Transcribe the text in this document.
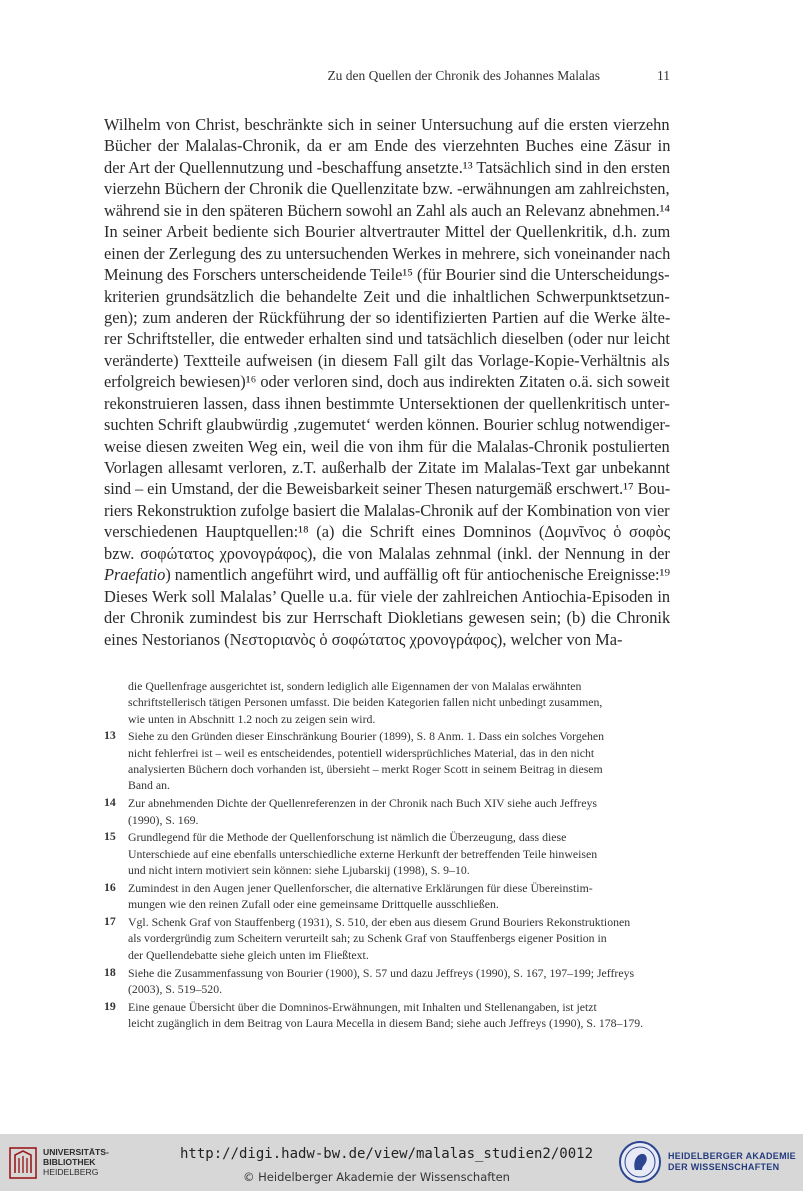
Zu den Quellen der Chronik des Johannes Malalas	11
Wilhelm von Christ, beschränkte sich in seiner Untersuchung auf die ersten vierzehn
Bücher der Malalas-Chronik, da er am Ende des vierzehnten Buches eine Zäsur in
der Art der Quellennutzung und -beschaffung ansetzte.¹³ Tatsächlich sind in den ersten
vierzehn Büchern der Chronik die Quellenzitate bzw. -erwähnungen am zahlreichsten,
während sie in den späteren Büchern sowohl an Zahl als auch an Relevanz abnehmen.¹⁴
In seiner Arbeit bediente sich Bourier altvertrauter Mittel der Quellenkritik, d.h. zum
einen der Zerlegung des zu untersuchenden Werkes in mehrere, sich voneinander nach
Meinung des Forschers unterscheidende Teile¹⁵ (für Bourier sind die Unterscheidungs-
kriterien grundsätzlich die behandelte Zeit und die inhaltlichen Schwerpunktsetzun-
gen); zum anderen der Rückführung der so identifizierten Partien auf die Werke älte-
rer Schriftsteller, die entweder erhalten sind und tatsächlich dieselben (oder nur leicht
veränderte) Textteile aufweisen (in diesem Fall gilt das Vorlage-Kopie-Verhältnis als
erfolgreich bewiesen)¹⁶ oder verloren sind, doch aus indirekten Zitaten o.ä. sich soweit
rekonstruieren lassen, dass ihnen bestimmte Untersektionen der quellenkritisch unter-
suchten Schrift glaubwürdig ‚zugemutet‘ werden können. Bourier schlug notwendiger-
weise diesen zweiten Weg ein, weil die von ihm für die Malalas-Chronik postulierten
Vorlagen allesamt verloren, z.T. außerhalb der Zitate im Malalas-Text gar unbekannt
sind – ein Umstand, der die Beweisbarkeit seiner Thesen naturgemäß erschwert.¹⁷ Bou-
riers Rekonstruktion zufolge basiert die Malalas-Chronik auf der Kombination von vier
verschiedenen Hauptquellen:¹⁸ (a) die Schrift eines Domninos (Δομνῖνος ὁ σοφὸς
bzw. σοφώτατος χρονογράφος), die von Malalas zehnmal (inkl. der Nennung in der
Praefatio) namentlich angeführt wird, und auffällig oft für antiochenische Ereignisse:¹⁹
Dieses Werk soll Malalas’ Quelle u.a. für viele der zahlreichen Antiochia-Episoden in
der Chronik zumindest bis zur Herrschaft Diokletians gewesen sein; (b) die Chronik
eines Nestorianos (Νεστοριανὸς ὁ σοφώτατος χρονογράφος), welcher von Ma-
die Quellenfrage ausgerichtet ist, sondern lediglich alle Eigennamen der von Malalas erwähnten
schriftstellerisch tätigen Personen umfasst. Die beiden Kategorien fallen nicht unbedingt zusammen,
wie unten in Abschnitt 1.2 noch zu zeigen sein wird.
13 Siehe zu den Gründen dieser Einschränkung Bourier (1899), S. 8 Anm. 1. Dass ein solches Vorgehen
nicht fehlerfrei ist – weil es entscheidendes, potentiell widersprüchliches Material, das in den nicht
analysierten Büchern doch vorhanden ist, übersieht – merkt Roger Scott in seinem Beitrag in diesem
Band an.
14 Zur abnehmenden Dichte der Quellenreferenzen in der Chronik nach Buch XIV siehe auch Jeffreys
(1990), S. 169.
15 Grundlegend für die Methode der Quellenforschung ist nämlich die Überzeugung, dass diese
Unterschiede auf eine ebenfalls unterschiedliche externe Herkunft der betreffenden Teile hinweisen
und nicht intern motiviert sein können: siehe Ljubarskij (1998), S. 9–10.
16 Zumindest in den Augen jener Quellenforscher, die alternative Erklärungen für diese Übereinstim-
mungen wie den reinen Zufall oder eine gemeinsame Drittquelle ausschließen.
17 Vgl. Schenk Graf von Stauffenberg (1931), S. 510, der eben aus diesem Grund Bouriers Rekonstruktionen
als vordergründig zum Scheitern verurteilt sah; zu Schenk Graf von Stauffenbergs eigener Position in
der Quellendebatte siehe gleich unten im Fließtext.
18 Siehe die Zusammenfassung von Bourier (1900), S. 57 und dazu Jeffreys (1990), S. 167, 197–199; Jeffreys
(2003), S. 519–520.
19 Eine genaue Übersicht über die Domninos-Erwähnungen, mit Inhalten und Stellenangaben, ist jetzt
leicht zugänglich in dem Beitrag von Laura Mecella in diesem Band; siehe auch Jeffreys (1990), S. 178–179.
UNIVERSITÄTS-
BIBLIOTHEK
HEIDELBERG
http://digi.hadw-bw.de/view/malalas_studien2/0012
© Heidelberger Akademie der Wissenschaften
HEIDELBERGER AKADEMIE
DER WISSENSCHAFTEN
